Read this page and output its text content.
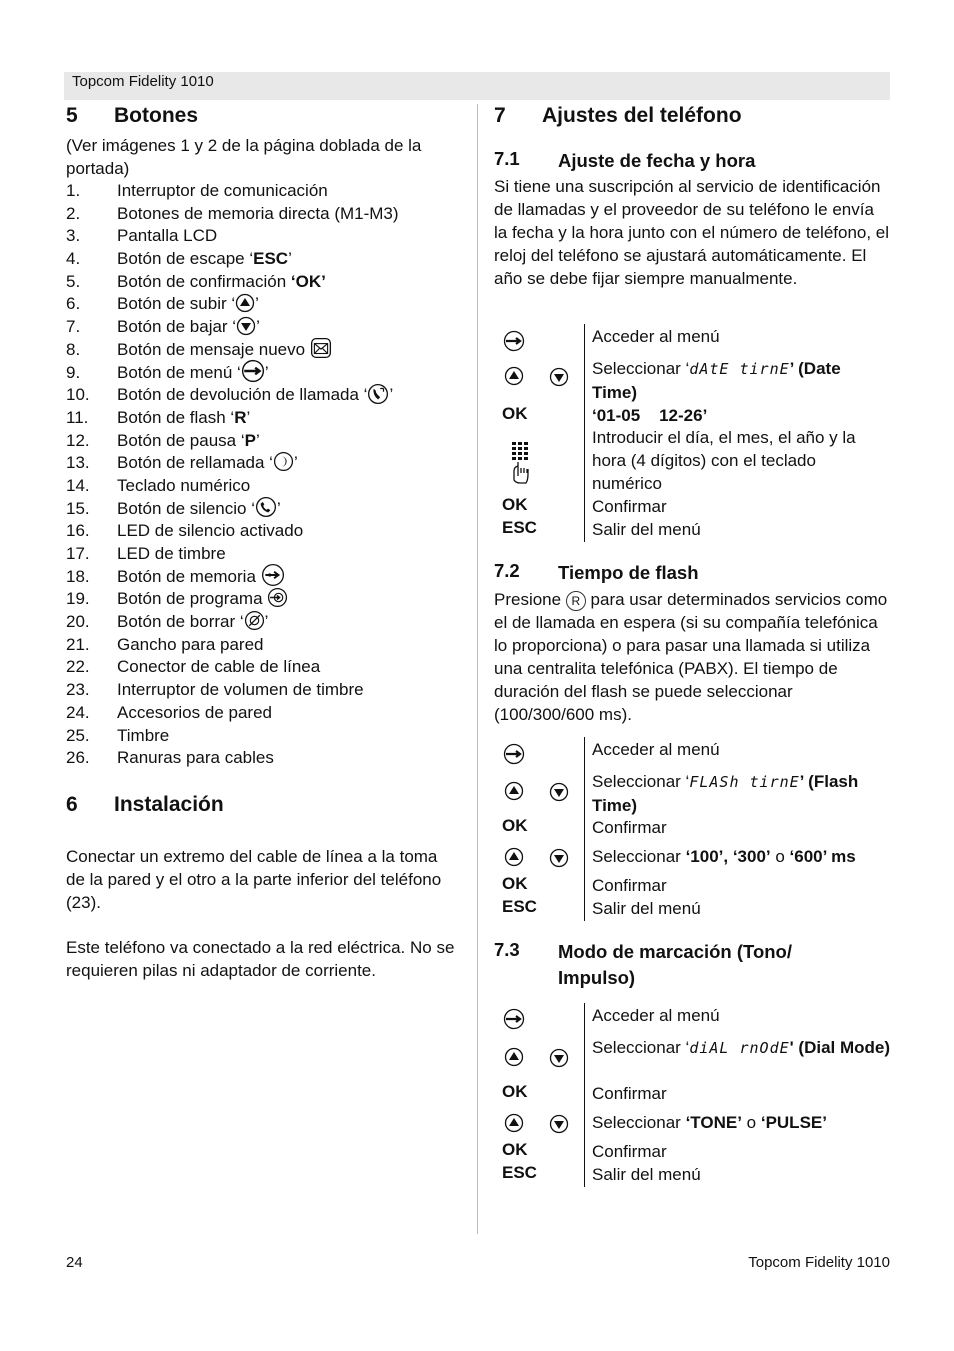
Topcom Fidelity 1010
5 Botones
(Ver imágenes 1 y 2 de la página doblada de la portada)
1. Interruptor de comunicación
2. Botones de memoria directa (M1-M3)
3. Pantalla LCD
4. Botón de escape ‘ESC’
5. Botón de confirmación ‘OK’
6. Botón de subir ‘ ’
7. Botón de bajar ‘ ’
8. Botón de mensaje nuevo
9. Botón de menú ‘ ’
10. Botón de devolución de llamada ‘ ’
11. Botón de flash ‘R’
12. Botón de pausa ‘P’
13. Botón de rellamada ‘ ’
14. Teclado numérico
15. Botón de silencio ‘ ’
16. LED de silencio activado
17. LED de timbre
18. Botón de memoria
19. Botón de programa
20. Botón de borrar ‘ ’
21. Gancho para pared
22. Conector de cable de línea
23. Interruptor de volumen de timbre
24. Accesorios de pared
25. Timbre
26. Ranuras para cables
6 Instalación
Conectar un extremo del cable de línea a la toma de la pared y el otro a la parte inferior del teléfono (23).
Este teléfono va conectado a la red eléctrica. No se requieren pilas ni adaptador de corriente.
7 Ajustes del teléfono
7.1 Ajuste de fecha y hora
Si tiene una suscripción al servicio de identificación de llamadas y el proveedor de su teléfono le envía la fecha y la hora junto con el número de teléfono, el reloj del teléfono se ajustará automáticamente. El año se debe fijar siempre manualmente.
Acceder al menú
Seleccionar ‘dAtE tirnE’ (Date Time)
OK	‘01-05    12-26’
Introducir el día, el mes, el año y la hora (4 dígitos) con el teclado numérico
OK	Confirmar
ESC	Salir del menú
7.2 Tiempo de flash
Presione R para usar determinados servicios como el de llamada en espera (si su compañía telefónica lo proporciona) o para pasar una llamada si utiliza una centralita telefónica (PABX). El tiempo de duración del flash se puede seleccionar (100/300/600 ms).
Acceder al menú
Seleccionar ‘FLASh tirnE’ (Flash Time)
OK	Confirmar
Seleccionar ‘100’, ‘300’ o ‘600’ ms
OK	Confirmar
ESC	Salir del menú
7.3 Modo de marcación (Tono/ Impulso)
Acceder al menú
Seleccionar ‘diAL rnOdE' (Dial Mode)
OK	Confirmar
Seleccionar ‘TONE’ o ‘PULSE’
OK	Confirmar
ESC	Salir del menú
24	Topcom Fidelity 1010
